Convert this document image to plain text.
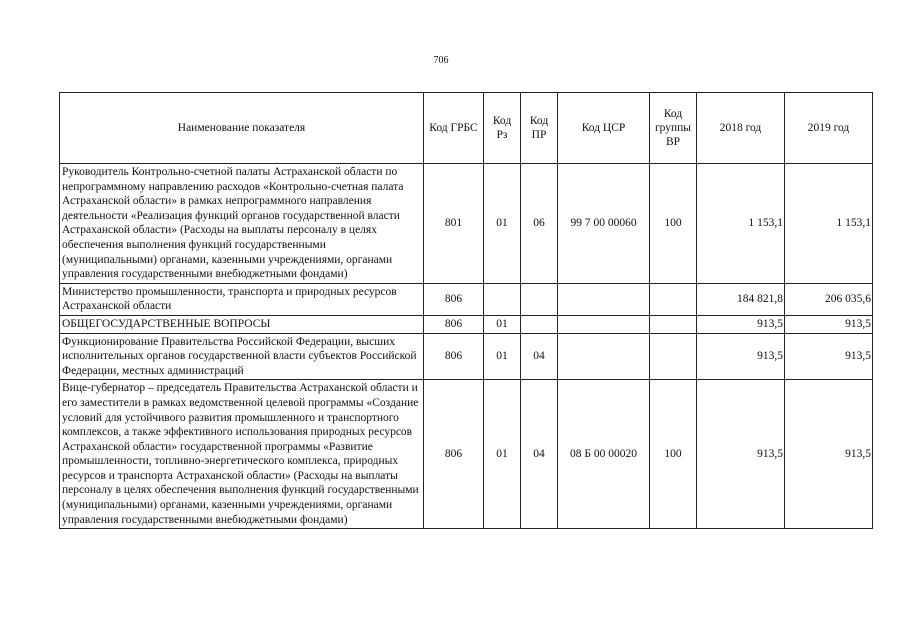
706
Наименование показателя	Код ГРБС	Код Рз	Код ПР	Код ЦСР	Код группы ВР	2018 год	2019 год
Руководитель Контрольно-счетной палаты Астраханской области по непрограммному направлению расходов «Контрольно-счетная палата Астраханской области» в рамках непрограммного направления деятельности «Реализация функций органов государственной власти Астраханской области» (Расходы на выплаты персоналу в целях обеспечения выполнения функций государственными (муниципальными) органами, казенными учреждениями, органами управления государственными внебюджетными фондами)	801	01	06	99 7 00 00060	100	1 153,1	1 153,1
Министерство промышленности, транспорта и природных ресурсов Астраханской области	806					184 821,8	206 035,6
ОБЩЕГОСУДАРСТВЕННЫЕ ВОПРОСЫ	806	01				913,5	913,5
Функционирование Правительства Российской Федерации, высших исполнительных органов государственной власти субъектов Российской Федерации, местных администраций	806	01	04			913,5	913,5
Вице-губернатор – председатель Правительства Астраханской области и его заместители в рамках ведомственной целевой программы «Создание условий для устойчивого развития промышленного и транспортного комплексов, а также эффективного использования природных ресурсов Астраханской области» государственной программы «Развитие промышленности, топливно-энергетического комплекса, природных ресурсов и транспорта Астраханской области» (Расходы на выплаты персоналу в целях обеспечения выполнения функций государственными (муниципальными) органами, казенными учреждениями, органами управления государственными внебюджетными фондами)	806	01	04	08 Б 00 00020	100	913,5	913,5
